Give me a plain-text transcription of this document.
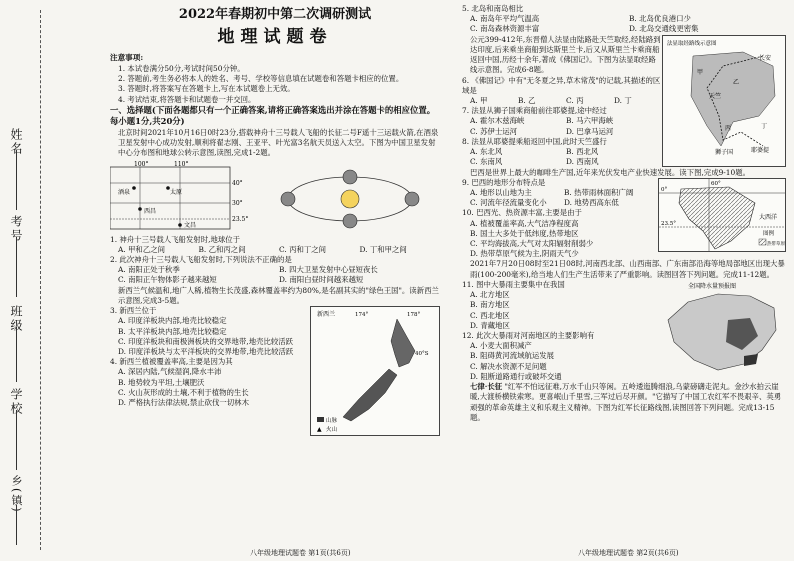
姓名
考号
班级
学校
乡(镇)
2022年春期初中第二次调研测试
地理试题卷

注意事项:

1. 本试卷满分50分,考试时间50分钟。

2. 答题前,考生务必将本人的姓名、考号、学校等信息填在试题卷和答题卡相应的位置。

3. 答题时,将答案写在答题卡上,写在本试题卷上无效。

4. 考试结束,将答题卡和试题卷一并交回。

一、选择题(下面各题都只有一个正确答案,请将正确答案选出并涂在答题卡的相应位置。每小题1分,共20分)

北京时间2021年10月16日0时23分,搭载神舟十三号载人飞船的长征二号F遥十三运载火箭,在酒泉卫星发射中心成功发射,顺利将翟志刚、王亚平、叶光富3名航天员送入太空。下图为中国卫星发射中心分布图和地球公转示意图,读图,完成1-2题。

100°	110°
40°
30°
23.5°
酒泉	太原
西昌
文昌

1. 神舟十三号载人飞船发射时,地球位于

A. 甲和乙之间	B. 乙和丙之间	C. 丙和丁之间	D. 丁和甲之间

2. 此次神舟十三号载人飞船发射时,下列说法不正确的是

A. 南阳正处于秋季	B. 四大卫星发射中心昼短夜长
C. 南阳正午物体影子越来越短	D. 南阳白昼时间越来越短

新西兰气候温和,地广人稀,植物生长茂盛,森林覆盖率约为80%,是名副其实的"绿色王国"。读新西兰示意图,完成3-5题。

3. 新西兰位于

A. 印度洋板块内部,地壳比较稳定

B. 太平洋板块内部,地壳比较稳定

C. 印度洋板块和南极洲板块的交界地带,地壳比较活跃

D. 印度洋板块与太平洋板块的交界地带,地壳比较活跃

4. 新西兰植被覆盖率高,主要是因为其

A. 深居内陆,气候湿润,降水丰沛

B. 地势较为平坦,土壤肥沃

C. 火山灰形成的土壤,不利于植物的生长

D. 严格执行法律法规,禁止砍伐一切林木

新西兰	174°	178°
40°S
山脉
▲ 火山
八年级地理试题卷 第1页(共6页)

5. 北岛和南岛相比

A. 南岛年平均气温高	B. 北岛优良港口少
C. 南岛森林资源丰富	D. 北岛交通线更密集

公元399-412年,东晋僧人法显由陆路赴天竺取经,经陆路到达印度,后来乘坐商船到达斯里兰卡,后又从斯里兰卡乘商船返回中国,历经十余年,著成《佛国记》。下图为法显取经路线示意图。完成6-8题。

6. 《佛国记》中有"无冬夏之异,草木常茂"的记载,其描述的区域是

A. 甲	B. 乙	C. 丙	D. 丁

7. 法显从狮子国乘商船前往耶婆提,途中经过

A. 霍尔木兹海峡	B. 马六甲海峡
C. 苏伊士运河	D. 巴拿马运河

8. 法显从耶婆提乘船返回中国,此时天竺盛行

A. 东北风	B. 西北风
C. 东南风	D. 西南风
法显取经路线示意图
长安
天竺
狮子国	耶婆提
甲
乙
丙	丁

巴西是世界上最大的咖啡生产国,近年来光伏发电产业快速发展。读下图,完成9-10题。

9. 巴西的地形分布特点是

A. 地形以山地为主	B. 热带雨林面积广阔
C. 河流年径流量变化小	D. 地势西高东低

10. 巴西光、热资源丰富,主要是由于

A. 植被覆盖率高,大气洁净程度高

B. 国土大多处于低纬度,热带地区

C. 平均海拔高,大气对太阳辐射削弱少

D. 热带草原气候为主,阴雨天气少

0°
23.5°
60°
大西洋
图例
热带草原

2021年7月20日08时至21日08时,河南西北部、山西南部、广东南部沿海等地局部地区出现大暴雨(100-200毫米),给当地人们生产生活带来了严重影响。读图回答下列问题。完成11-12题。

11. 图中大暴雨主要集中在我国

A. 北方地区

B. 南方地区

C. 西北地区

D. 青藏地区

12. 此次大暴雨对河南地区的主要影响有

A. 小麦大面积减产

B. 阻碍黄河流域航运发展

C. 解决水资源不足问题

D. 阻断道路通行或破坏交通

全国降水量预报图

七律·长征 "红军不怕远征难,万水千山只等闲。五岭逶迤腾细浪,乌蒙磅礴走泥丸。金沙水拍云崖暖,大渡桥横铁索寒。更喜岷山千里雪,三军过后尽开颜。"它描写了中国工农红军不畏艰辛、英勇顽强的革命英雄主义和乐观主义精神。下图为红军长征路线图,读图回答下列问题。完成13-15题。

八年级地理试题卷 第2页(共6页)
